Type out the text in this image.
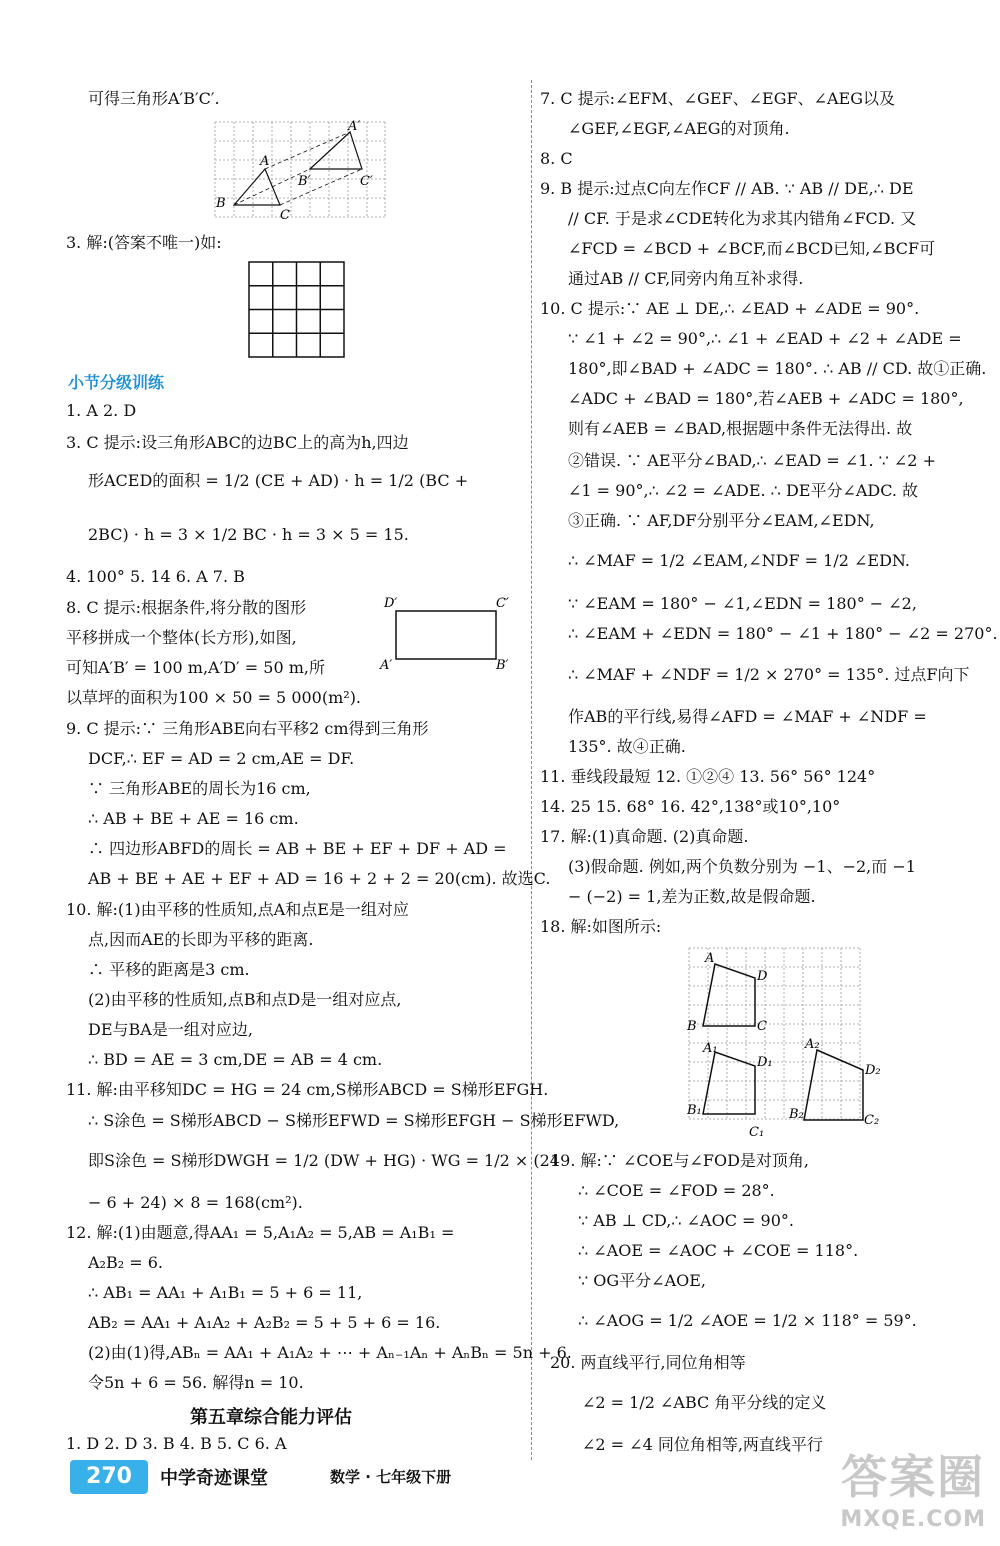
可得三角形A′B′C′.
A′
A
B′	C′
B
C
3. 解:(答案不唯一)如:
小节分级训练
1. A 2. D
3. C 提示:设三角形ABC的边BC上的高为h,四边
形ACED的面积 = 1/2 (CE + AD) · h = 1/2 (BC +
2BC) · h = 3 × 1/2 BC · h = 3 × 5 = 15.
4. 100° 5. 14 6. A 7. B
8. C 提示:根据条件,将分散的图形
平移拼成一个整体(长方形),如图,
可知A′B′ = 100 m,A′D′ = 50 m,所
以草坪的面积为100 × 50 = 5 000(m²).
D′	C′
A′	B′
9. C 提示:∵ 三角形ABE向右平移2 cm得到三角形
DCF,∴ EF = AD = 2 cm,AE = DF.
∵ 三角形ABE的周长为16 cm,
∴ AB + BE + AE = 16 cm.
∴ 四边形ABFD的周长 = AB + BE + EF + DF + AD =
AB + BE + AE + EF + AD = 16 + 2 + 2 = 20(cm). 故选C.
10. 解:(1)由平移的性质知,点A和点E是一组对应
点,因而AE的长即为平移的距离.
∴ 平移的距离是3 cm.
(2)由平移的性质知,点B和点D是一组对应点,
DE与BA是一组对应边,
∴ BD = AE = 3 cm,DE = AB = 4 cm.
11. 解:由平移知DC = HG = 24 cm,S梯形ABCD = S梯形EFGH.
∴ S涂色 = S梯形ABCD − S梯形EFWD = S梯形EFGH − S梯形EFWD,
即S涂色 = S梯形DWGH = 1/2 (DW + HG) · WG = 1/2 × (24
− 6 + 24) × 8 = 168(cm²).
12. 解:(1)由题意,得AA₁ = 5,A₁A₂ = 5,AB = A₁B₁ =
A₂B₂ = 6.
∴ AB₁ = AA₁ + A₁B₁ = 5 + 6 = 11,
AB₂ = AA₁ + A₁A₂ + A₂B₂ = 5 + 5 + 6 = 16.
(2)由(1)得,ABₙ = AA₁ + A₁A₂ + ⋯ + Aₙ₋₁Aₙ + AₙBₙ = 5n + 6.
令5n + 6 = 56. 解得n = 10.
第五章综合能力评估
1. D 2. D 3. B 4. B 5. C 6. A
7. C 提示:∠EFM、∠GEF、∠EGF、∠AEG以及
∠GEF,∠EGF,∠AEG的对顶角.
8. C
9. B 提示:过点C向左作CF // AB. ∵ AB // DE,∴ DE
// CF. 于是求∠CDE转化为求其内错角∠FCD. 又
∠FCD = ∠BCD + ∠BCF,而∠BCD已知,∠BCF可
通过AB // CF,同旁内角互补求得.
10. C 提示:∵ AE ⊥ DE,∴ ∠EAD + ∠ADE = 90°.
∵ ∠1 + ∠2 = 90°,∴ ∠1 + ∠EAD + ∠2 + ∠ADE =
180°,即∠BAD + ∠ADC = 180°. ∴ AB // CD. 故①正确.
∠ADC + ∠BAD = 180°,若∠AEB + ∠ADC = 180°,
则有∠AEB = ∠BAD,根据题中条件无法得出. 故
②错误. ∵ AE平分∠BAD,∴ ∠EAD = ∠1. ∵ ∠2 +
∠1 = 90°,∴ ∠2 = ∠ADE. ∴ DE平分∠ADC. 故
③正确. ∵ AF,DF分别平分∠EAM,∠EDN,
∴ ∠MAF = 1/2 ∠EAM,∠NDF = 1/2 ∠EDN.
∵ ∠EAM = 180° − ∠1,∠EDN = 180° − ∠2,
∴ ∠EAM + ∠EDN = 180° − ∠1 + 180° − ∠2 = 270°.
∴ ∠MAF + ∠NDF = 1/2 × 270° = 135°. 过点F向下
作AB的平行线,易得∠AFD = ∠MAF + ∠NDF =
135°. 故④正确.
11. 垂线段最短 12. ①②④ 13. 56° 56° 124°
14. 25 15. 68° 16. 42°,138°或10°,10°
17. 解:(1)真命题. (2)真命题.
(3)假命题. 例如,两个负数分别为 −1、−2,而 −1
− (−2) = 1,差为正数,故是假命题.
18. 解:如图所示:
A
D
B	C
A₁
D₁
A₂
D₂
B₁	B₂	C₂
C₁
19. 解:∵ ∠COE与∠FOD是对顶角,
∴ ∠COE = ∠FOD = 28°.
∵ AB ⊥ CD,∴ ∠AOC = 90°.
∴ ∠AOE = ∠AOC + ∠COE = 118°.
∵ OG平分∠AOE,
∴ ∠AOG = 1/2 ∠AOE = 1/2 × 118° = 59°.
20. 两直线平行,同位角相等
∠2 = 1/2 ∠ABC 角平分线的定义
∠2 = ∠4 同位角相等,两直线平行
270	中学奇迹课堂	数学 · 七年级下册	答案圈
MXQE.COM
